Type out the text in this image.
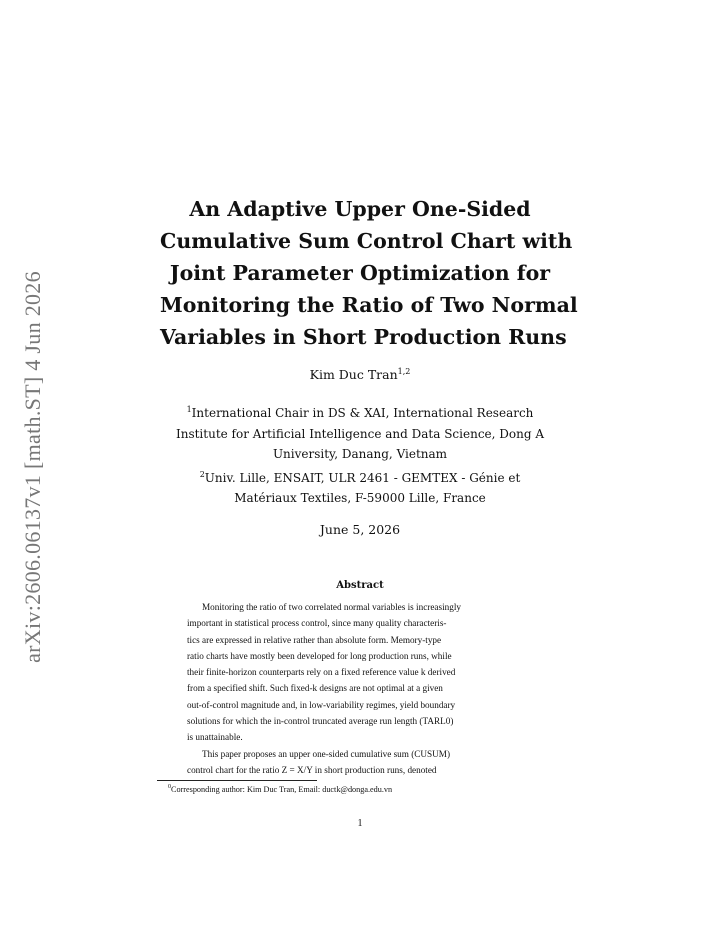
arXiv:2606.06137v1 [math.ST] 4 Jun 2026
An Adaptive Upper One-Sided
Cumulative Sum Control Chart with
Joint Parameter Optimization for
Monitoring the Ratio of Two Normal
Variables in Short Production Runs
Kim Duc Tran$^{1,2}$
$^1$International Chair in DS & XAI, International Research
Institute for Artificial Intelligence and Data Science, Dong A
University, Danang, Vietnam
$^2$Univ. Lille, ENSAIT, ULR 2461 - GEMTEX - Génie et
Matériaux Textiles, F-59000 Lille, France
June 5, 2026
Abstract
Monitoring the ratio of two correlated normal variables is increasingly
important in statistical process control, since many quality characteris-
tics are expressed in relative rather than absolute form. Memory-type
ratio charts have mostly been developed for long production runs, while
their finite-horizon counterparts rely on a fixed reference value k derived
from a specified shift. Such fixed-k designs are not optimal at a given
out-of-control magnitude and, in low-variability regimes, yield boundary
solutions for which the in-control truncated average run length (TARL0)
is unattainable.
This paper proposes an upper one-sided cumulative sum (CUSUM)
control chart for the ratio Z = X/Y in short production runs, denoted
$^0$Corresponding author: Kim Duc Tran, Email: ductk@donga.edu.vn
1
